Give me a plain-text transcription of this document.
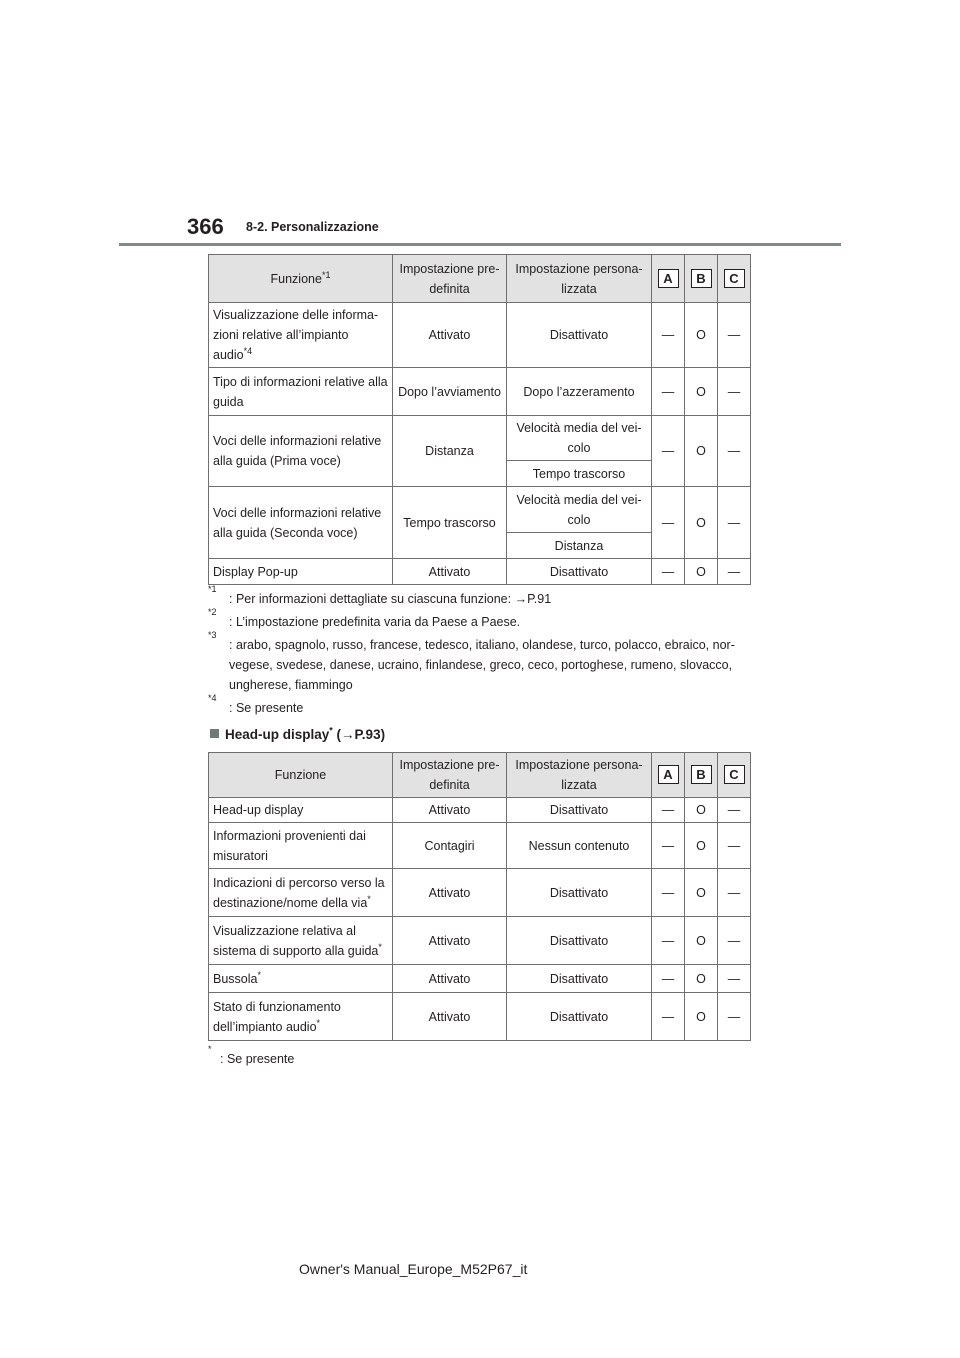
366 8-2. Personalizzazione
Funzione$^{*1}$	Impostazione pre-definita	Impostazione persona-lizzata	A	B	C
Visualizzazione delle informa-zioni relative all’impianto audio$^{*4}$	Attivato	Disattivato	—	O	—
Tipo di informazioni relative alla guida	Dopo l’avviamento	Dopo l’azzeramento	—	O	—
Voci delle informazioni relative alla guida (Prima voce)	Distanza	Velocità media del vei-colo	—	O	—
		Tempo trascorso			
Voci delle informazioni relative alla guida (Seconda voce)	Tempo trascorso	Velocità media del vei-colo	—	O	—
		Distanza			
Display Pop-up	Attivato	Disattivato	—	O	—
*1
: Per informazioni dettagliate su ciascuna funzione: →P.91
*2
: L’impostazione predefinita varia da Paese a Paese.
*3
: arabo, spagnolo, russo, francese, tedesco, italiano, olandese, turco, polacco, ebraico, nor-vegese, svedese, danese, ucraino, finlandese, greco, ceco, portoghese, rumeno, slovacco, ungherese, fiammingo
*4
: Se presente
Head-up display* (→P.93)
Funzione	Impostazione pre-definita	Impostazione persona-lizzata	A	B	C
Head-up display	Attivato	Disattivato	—	O	—
Informazioni provenienti dai misuratori	Contagiri	Nessun contenuto	—	O	—
Indicazioni di percorso verso la destinazione/nome della via*	Attivato	Disattivato	—	O	—
Visualizzazione relativa al sistema di supporto alla guida*	Attivato	Disattivato	—	O	—
Bussola*	Attivato	Disattivato	—	O	—
Stato di funzionamento dell’impianto audio*	Attivato	Disattivato	—	O	—
*
: Se presente
Owner's Manual_Europe_M52P67_it
